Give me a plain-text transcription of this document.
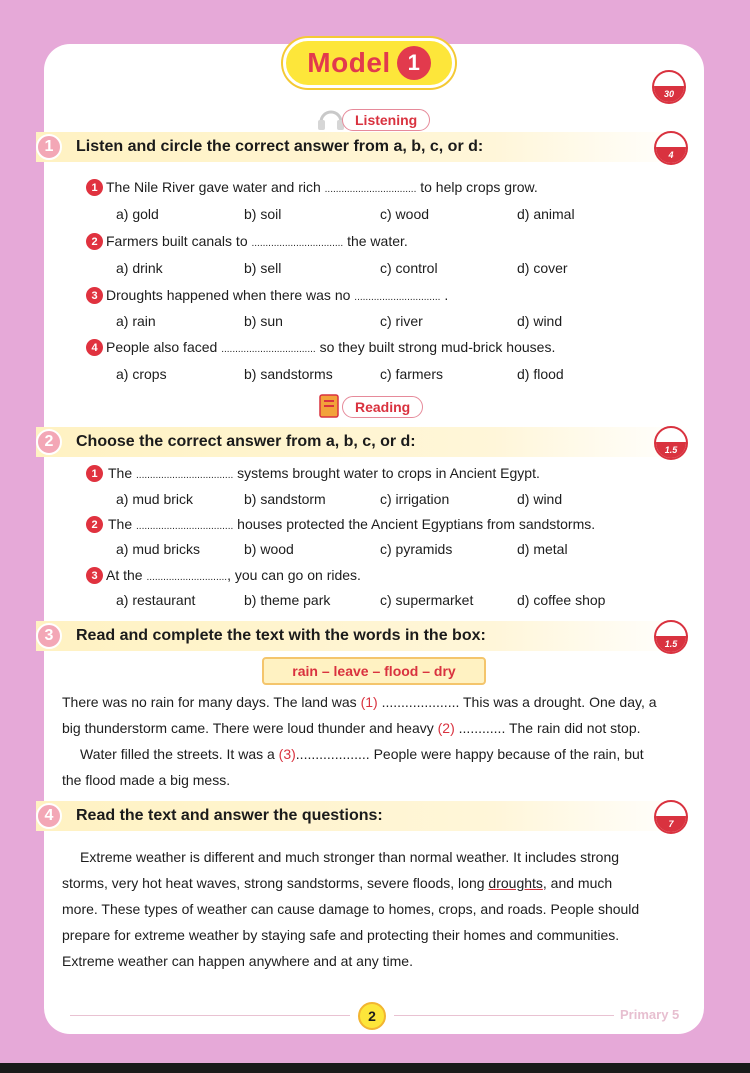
Model 1
30
Listening
1	Listen and circle the correct answer from a, b, c, or d:
4
1 The Nile River gave water and rich ................................. to help crops grow.
a) gold	b) soil	c) wood	d) animal
2 Farmers built canals to ................................. the water.
a) drink	b) sell	c) control	d) cover
3 Droughts happened when there was no ............................... .
a) rain	b) sun	c) river	d) wind
4 People also faced .................................. so they built strong mud-brick houses.
a) crops	b) sandstorms	c) farmers	d) flood
Reading
2	Choose the correct answer from a, b, c, or d:
1.5
1 The ................................... systems brought water to crops in Ancient Egypt.
a) mud brick	b) sandstorm	c) irrigation	d) wind
2 The ................................... houses protected the Ancient Egyptians from sandstorms.
a) mud bricks	b) wood	c) pyramids	d) metal
3 At the ............................., you can go on rides.
a) restaurant	b) theme park	c) supermarket	d) coffee shop
3	Read and complete the text with the words in the box:
1.5
rain – leave – flood – dry
There was no rain for many days. The land was (1) .................... This was a drought. One day, a
big thunderstorm came. There were loud thunder and heavy (2) ............ The rain did not stop.
Water filled the streets. It was a (3)................... People were happy because of the rain, but
the flood made a big mess.
4	Read the text and answer the questions:
7
Extreme weather is different and much stronger than normal weather. It includes strong
storms, very hot heat waves, strong sandstorms, severe floods, long droughts, and much
more. These types of weather can cause damage to homes, crops, and roads. People should
prepare for extreme weather by staying safe and protecting their homes and communities.
Extreme weather can happen anywhere and at any time.
2	Primary 5
